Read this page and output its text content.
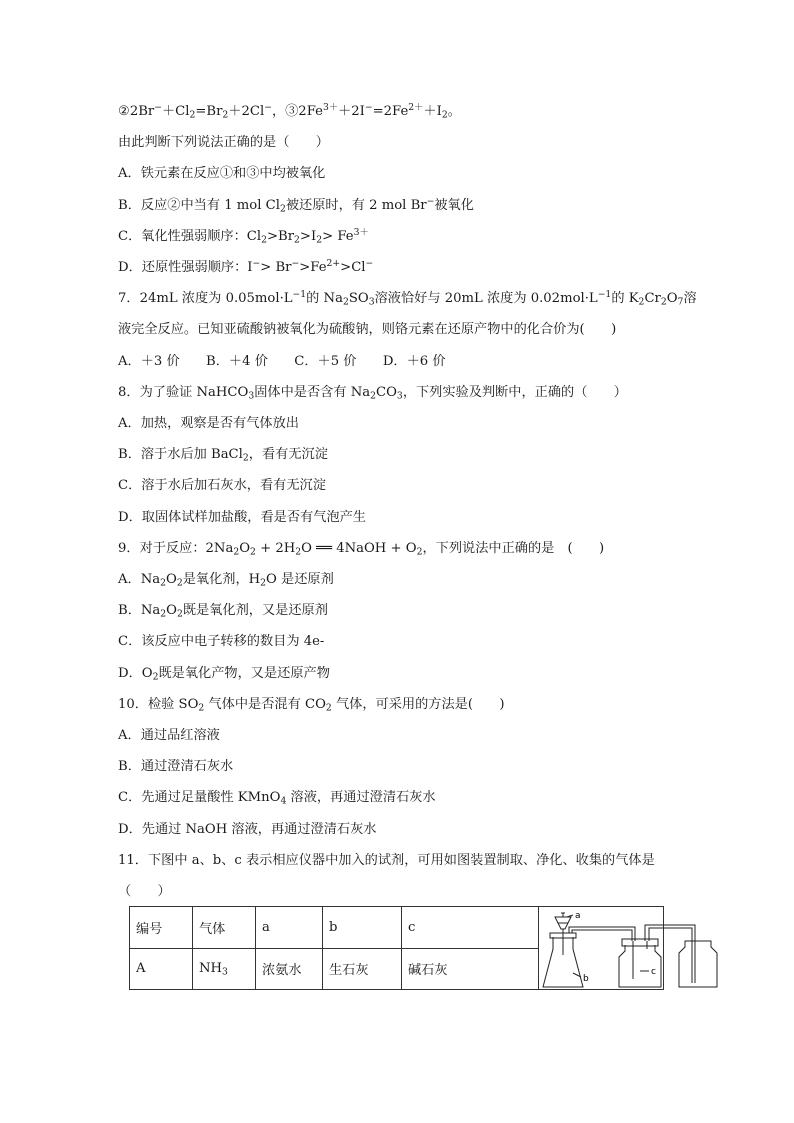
$②2Br^-+Cl_2=Br_2+2Cl^-$，$③2Fe^{3+}+2I^-=2Fe^{2+}+I_2$。
由此判断下列说法正确的是（　　）
A．铁元素在反应①和③中均被氧化
B．反应②中当有 1 mol $Cl_2$被还原时，有 2 mol Br−被氧化
C．氧化性强弱顺序：$Cl_2>Br_2>I_2> Fe^{3+}$
D．还原性强弱顺序：$I^-> Br^->Fe^{2+}>Cl^-$
7．24mL 浓度为 $0.05mol\cdot L^{-1}$的 $Na_2SO_3$溶液恰好与 20mL 浓度为 $0.02mol\cdot L^{-1}$的 $K_2Cr_2O_7$溶
液完全反应。已知亚硫酸钠被氧化为硫酸钠，则铬元素在还原产物中的化合价为(　　)
A．＋3 价　　B．＋4 价　　C．＋5 价　　D．＋6 价
8．为了验证 NaHCO$_3$固体中是否含有 $Na_2CO_3$，下列实验及判断中，正确的（　　）
A．加热，观察是否有气体放出
B．溶于水后加 BaCl$_2$，看有无沉淀
C．溶于水后加石灰水，看有无沉淀
D．取固体试样加盐酸，看是否有气泡产生
9．对于反应：$2Na_2O_2 + 2H_2O$ ══ 4NaOH + $O_2$，下列说法中正确的是　(　　)
A．$Na_2O_2$是氧化剂，$H_2O$ 是还原剂
B．$Na_2O_2$既是氧化剂，又是还原剂
C．该反应中电子转移的数目为 4e-
D．$O_2$既是氧化产物，又是还原产物
10．检验 $SO_2$ 气体中是否混有 $CO_2$ 气体，可采用的方法是(　　)
A．通过品红溶液
B．通过澄清石灰水
C．先通过足量酸性 KMnO$_4$ 溶液，再通过澄清石灰水
D．先通过 NaOH 溶液，再通过澄清石灰水
11．下图中 a、b、c 表示相应仪器中加入的试剂，可用如图装置制取、净化、收集的气体是
（　　）
编号	气体	a	b	c
A	$NH_3$	浓氨水	生石灰	碱石灰
a
b
c
